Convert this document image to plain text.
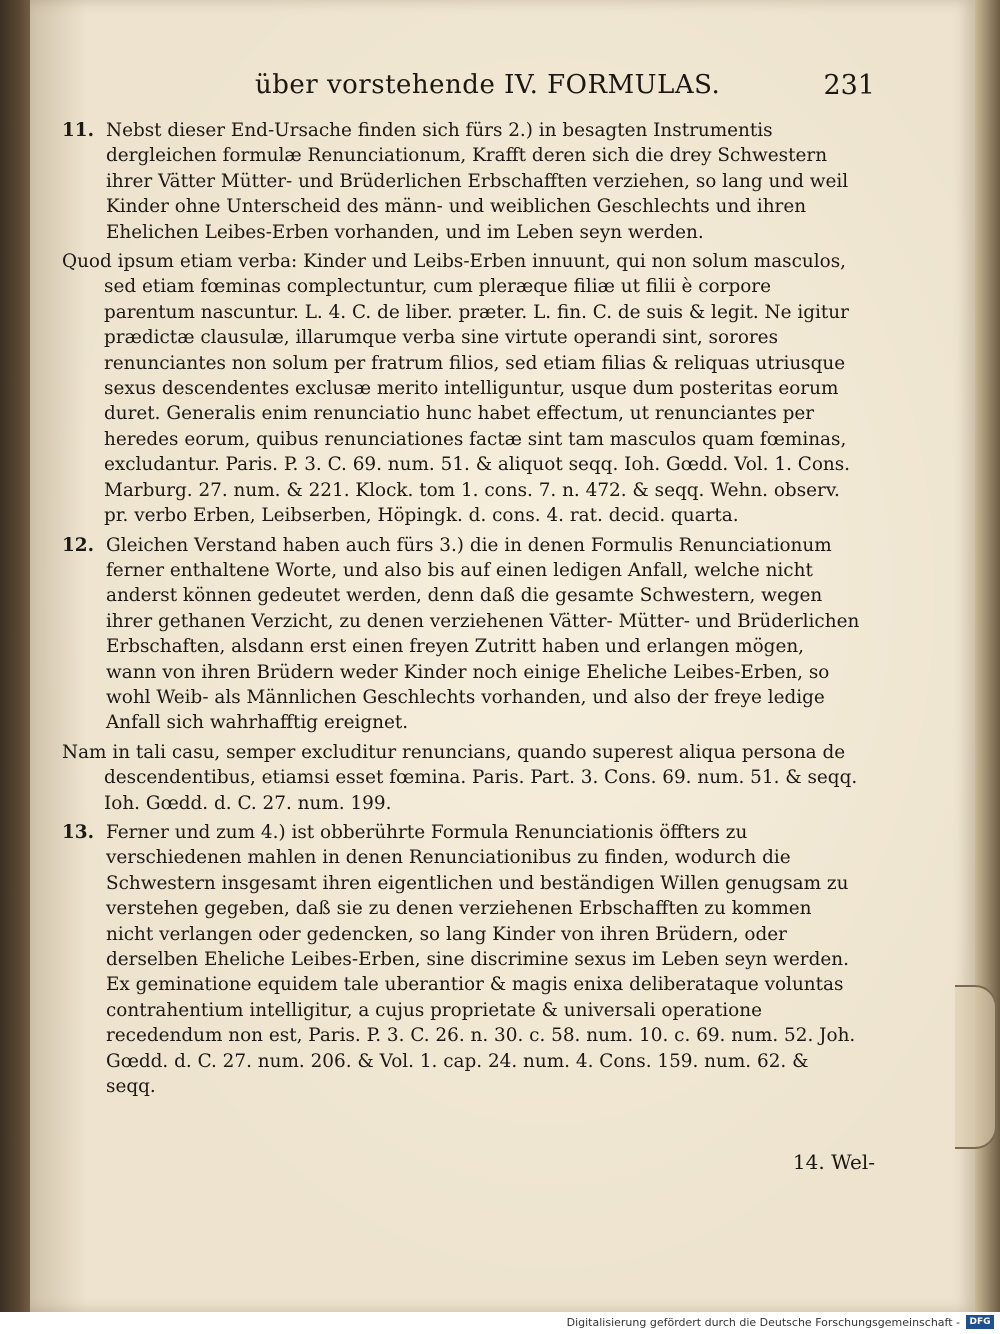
über vorstehende IV. FORMULAS.	231

11. Nebst dieser End-Ursache finden sich fürs 2.) in besagten Instrumentis dergleichen formulæ Renunciationum, Krafft deren sich die drey Schwestern ihrer Vätter Mütter- und Brüderlichen Erbschafften verziehen, so lang und weil Kinder ohne Unterscheid des männ- und weiblichen Geschlechts und ihren Ehelichen Leibes-Erben vorhanden, und im Leben seyn werden.

Quod ipsum etiam verba: Kinder und Leibs-Erben innuunt, qui non solum masculos, sed etiam fœminas complectuntur, cum pleræque filiæ ut filii è corpore parentum nascuntur. L. 4. C. de liber. præter. L. fin. C. de suis & legit. Ne igitur prædictæ clausulæ, illarumque verba sine virtute operandi sint, sorores renunciantes non solum per fratrum filios, sed etiam filias & reliquas utriusque sexus descendentes exclusæ merito intelliguntur, usque dum posteritas eorum duret. Generalis enim renunciatio hunc habet effectum, ut renunciantes per heredes eorum, quibus renunciationes factæ sint tam masculos quam fœminas, excludantur. Paris. P. 3. C. 69. num. 51. & aliquot seqq. Ioh. Gœdd. Vol. 1. Cons. Marburg. 27. num. & 221. Klock. tom 1. cons. 7. n. 472. & seqq. Wehn. observ. pr. verbo Erben, Leibserben, Höpingk. d. cons. 4. rat. decid. quarta.

12. Gleichen Verstand haben auch fürs 3.) die in denen Formulis Renunciationum ferner enthaltene Worte, und also bis auf einen ledigen Anfall, welche nicht anderst können gedeutet werden, denn daß die gesamte Schwestern, wegen ihrer gethanen Verzicht, zu denen verziehenen Vätter- Mütter- und Brüderlichen Erbschaften, alsdann erst einen freyen Zutritt haben und erlangen mögen, wann von ihren Brüdern weder Kinder noch einige Eheliche Leibes-Erben, so wohl Weib- als Männlichen Geschlechts vorhanden, und also der freye ledige Anfall sich wahrhafftig ereignet.

Nam in tali casu, semper excluditur renuncians, quando superest aliqua persona de descendentibus, etiamsi esset fœmina. Paris. Part. 3. Cons. 69. num. 51. & seqq. Ioh. Gœdd. d. C. 27. num. 199.

13. Ferner und zum 4.) ist obberührte Formula Renunciationis öffters zu verschiedenen mahlen in denen Renunciationibus zu finden, wodurch die Schwestern insgesamt ihren eigentlichen und beständigen Willen genugsam zu verstehen gegeben, daß sie zu denen verziehenen Erbschafften zu kommen nicht verlangen oder gedencken, so lang Kinder von ihren Brüdern, oder derselben Eheliche Leibes-Erben, sine discrimine sexus im Leben seyn werden. Ex geminatione equidem tale uberantior & magis enixa deliberataque voluntas contrahentium intelligitur, a cujus proprietate & universali operatione recedendum non est, Paris. P. 3. C. 26. n. 30. c. 58. num. 10. c. 69. num. 52. Joh. Gœdd. d. C. 27. num. 206. & Vol. 1. cap. 24. num. 4. Cons. 159. num. 62. & seqq.

14. Wel-
Digitalisierung gefördert durch die Deutsche Forschungsgemeinschaft -	DFG
